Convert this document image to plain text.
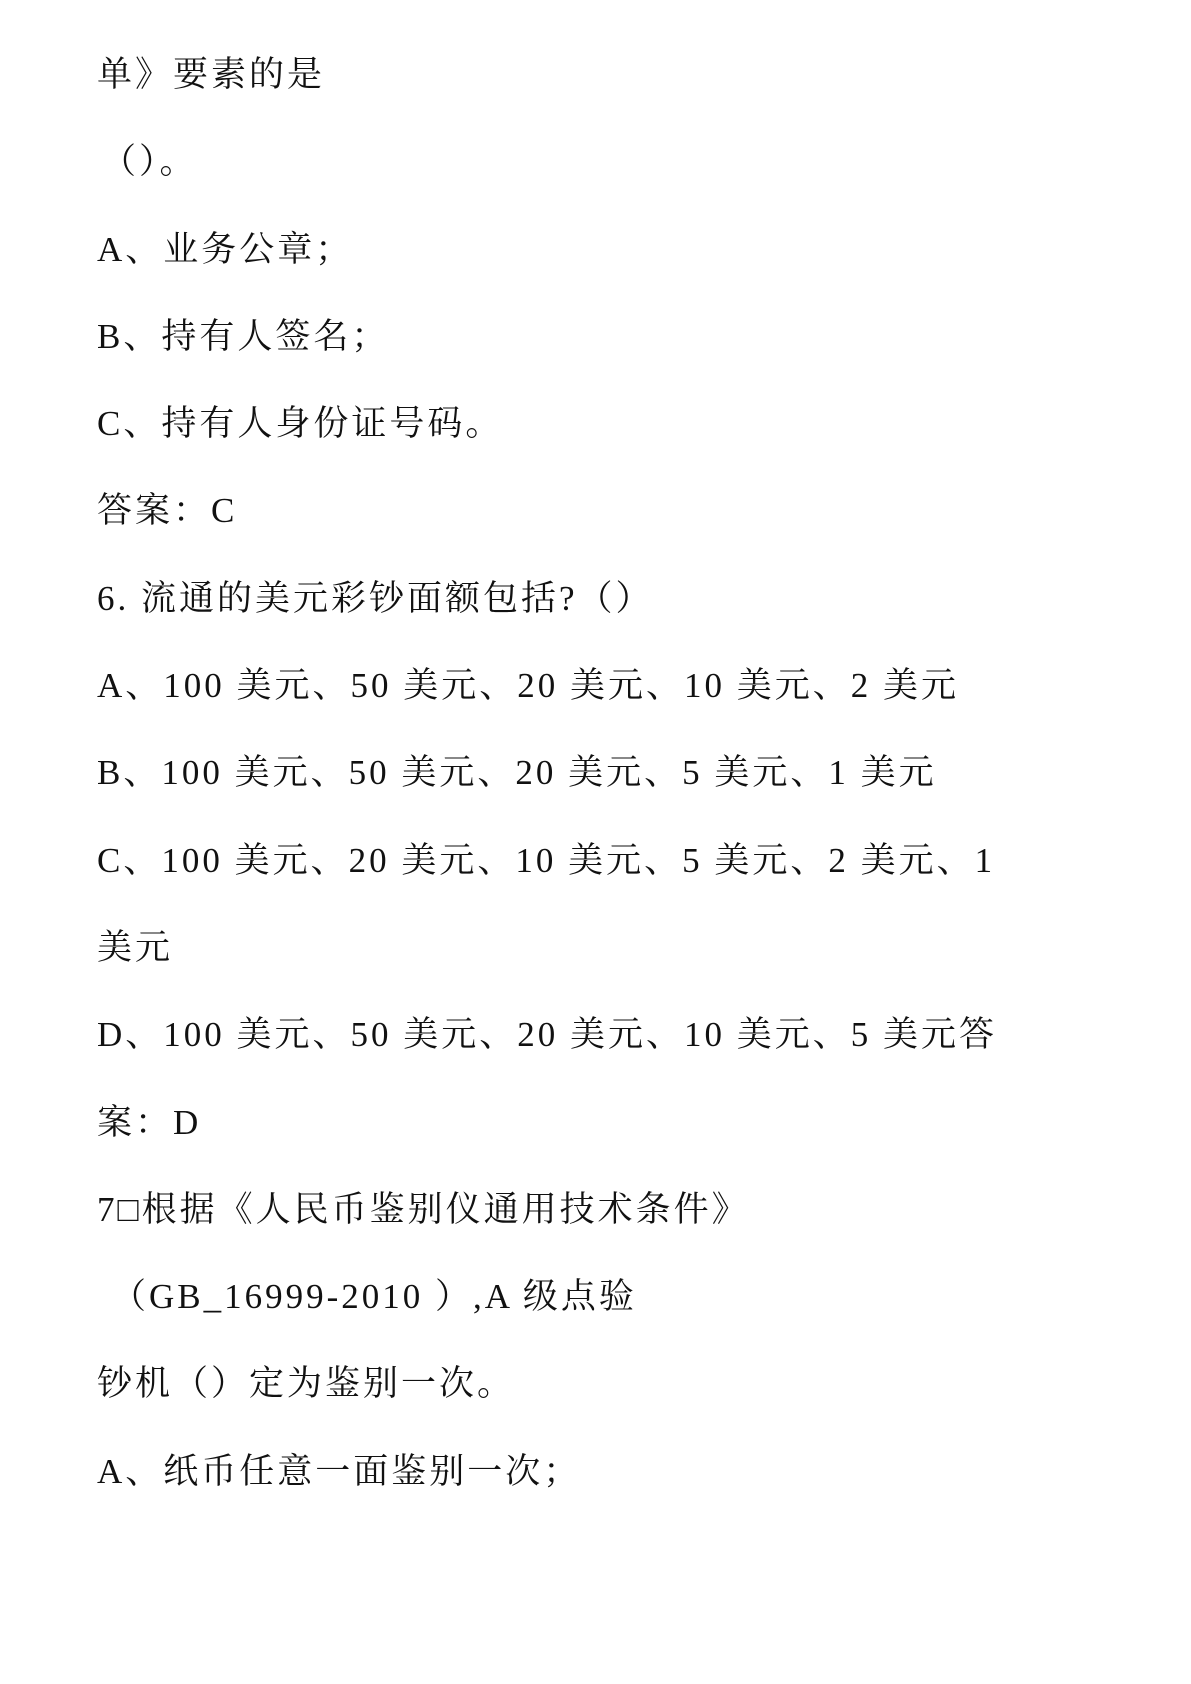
单》要素的是
（）。
A、业务公章；
B、持有人签名；
C、持有人身份证号码。
答案：C
6. 流通的美元彩钞面额包括?（）
A、100 美元、50 美元、20 美元、10 美元、2 美元
B、100 美元、50 美元、20 美元、5 美元、1 美元
C、100 美元、20 美元、10 美元、5 美元、2 美元、1
美元
D、100 美元、50 美元、20 美元、10 美元、5 美元答
案：D
7□根据《人民币鉴别仪通用技术条件》
（GB_16999-2010 ）,A 级点验
钞机（）定为鉴别一次。
A、纸币任意一面鉴别一次；
